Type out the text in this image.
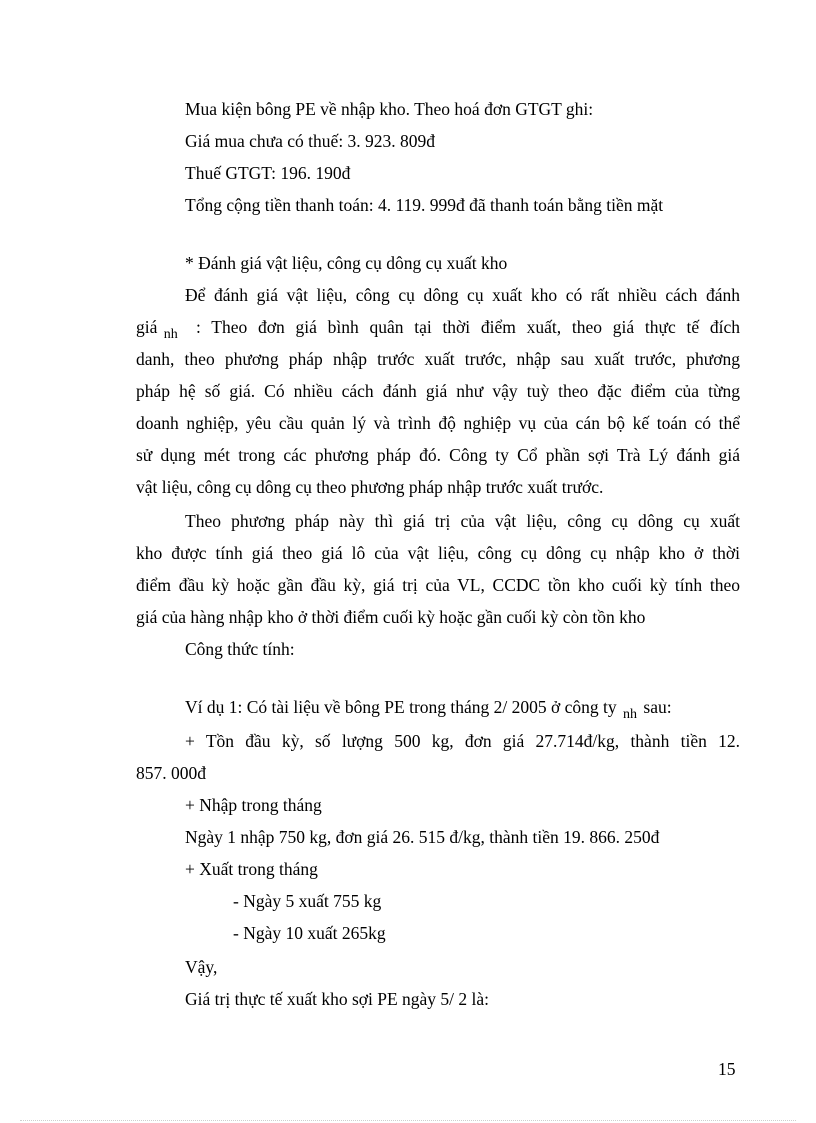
Mua kiện bông PE về nhập kho. Theo hoá đơn GTGT ghi:
Giá mua chưa có thuế: 3. 923. 809đ
Thuế GTGT: 196. 190đ
Tổng cộng tiền thanh toán: 4. 119. 999đ đã thanh toán bằng tiền mặt
* Đánh giá vật liệu, công cụ dông cụ xuất kho
Để đánh giá vật liệu, công cụ dông cụ xuất kho có rất nhiều cách đánh
giá $_{nh}$ : Theo đơn giá bình quân tại thời điểm xuất, theo giá thực tế đích
danh, theo phương pháp nhập trước xuất trước, nhập sau xuất trước, phương
pháp hệ số giá. Có nhiều cách đánh giá như vậy tuỳ theo đặc điểm của từng
doanh nghiệp, yêu cầu quản lý và trình độ nghiệp vụ của cán bộ kế toán có thể
sử dụng mét trong các phương pháp đó. Công ty Cổ phần sợi Trà Lý đánh giá
vật liệu, công cụ dông cụ theo phương pháp nhập trước xuất trước.
Theo phương pháp này thì giá trị của vật liệu, công cụ dông cụ xuất
kho được tính giá theo giá lô của vật liệu, công cụ dông cụ nhập kho ở thời
điểm đầu kỳ hoặc gần đầu kỳ, giá trị của VL, CCDC tồn kho cuối kỳ tính theo
giá của hàng nhập kho ở thời điểm cuối kỳ hoặc gần cuối kỳ còn tồn kho
Công thức tính:
Ví dụ 1: Có tài liệu về bông PE trong tháng 2/ 2005 ở công ty $_{nh}$ sau:
+ Tồn đầu kỳ, số lượng 500 kg, đơn giá 27.714đ/kg, thành tiền 12.
857. 000đ
+ Nhập trong tháng
Ngày 1 nhập 750 kg, đơn giá 26. 515 đ/kg, thành tiền 19. 866. 250đ
+ Xuất trong tháng
- Ngày 5 xuất 755 kg
- Ngày 10 xuất 265kg
Vậy,
Giá trị thực tế xuất kho sợi PE ngày 5/ 2 là:
15
